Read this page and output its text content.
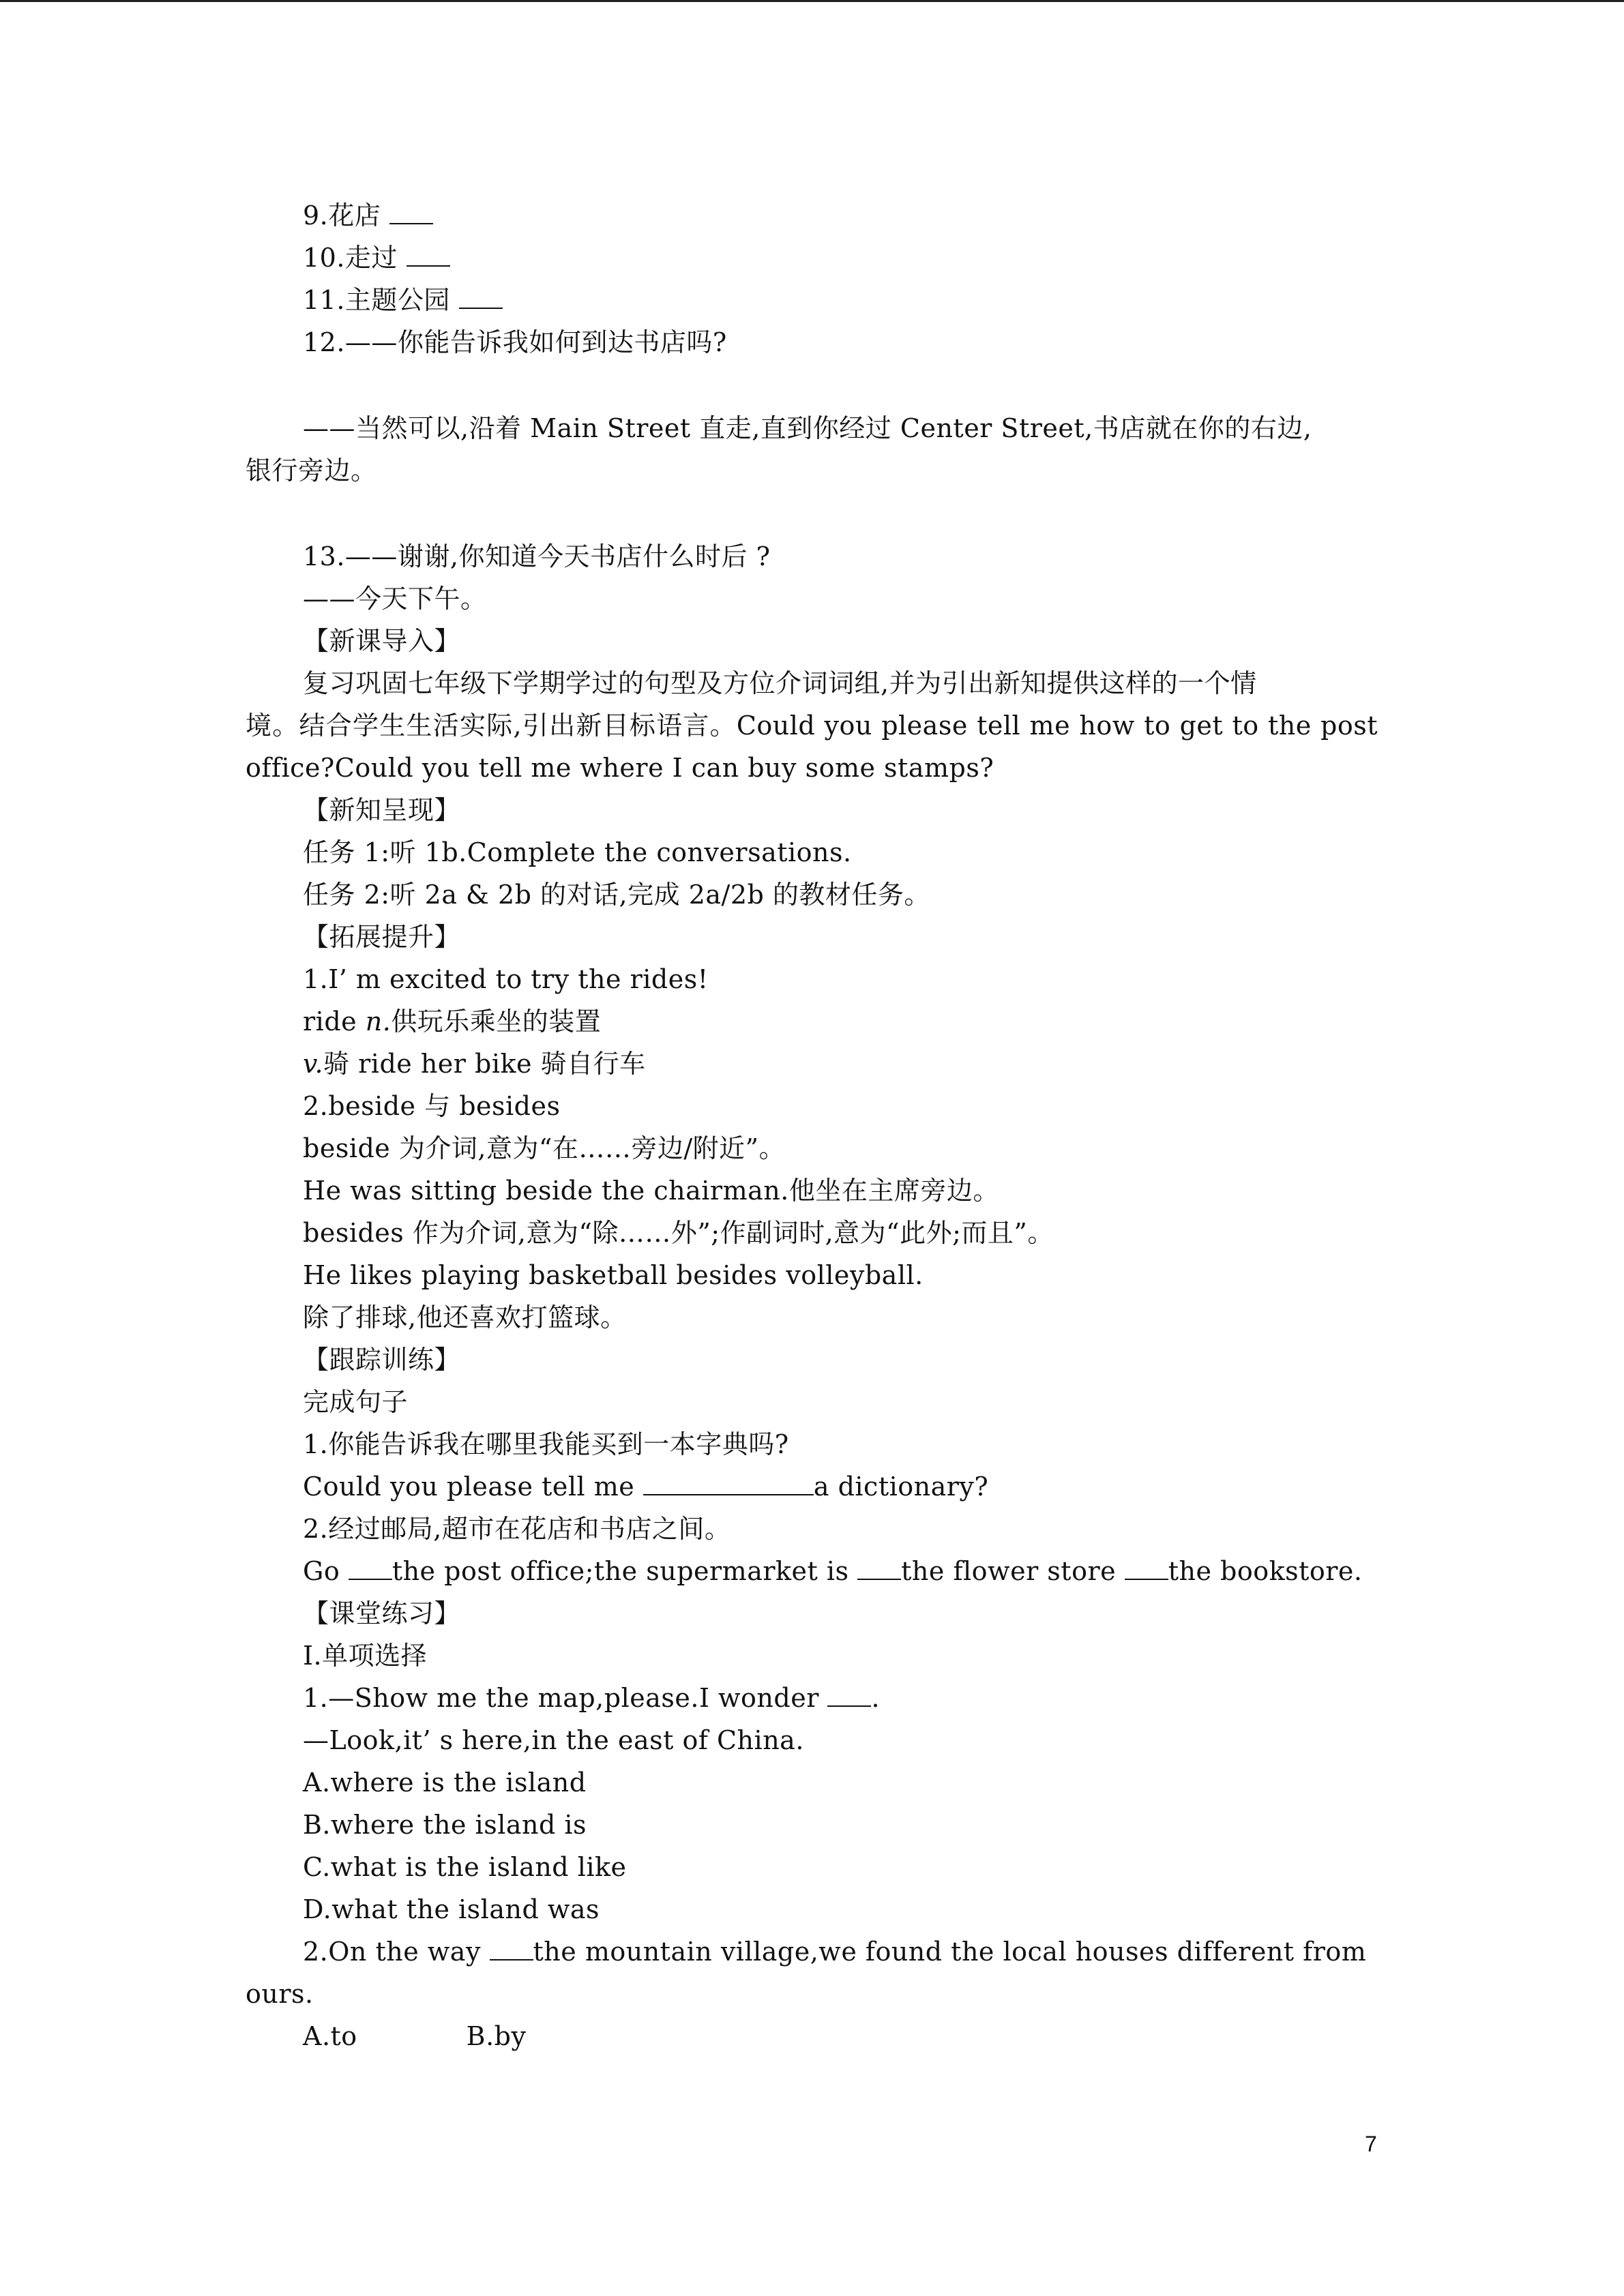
9.花店
10.走过
11.主题公园
12.——你能告诉我如何到达书店吗?
——当然可以,沿着 Main Street 直走,直到你经过 Center Street,书店就在你的右边,
银行旁边。
13.——谢谢,你知道今天书店什么时后 ?
——今天下午。
【新课导入】
复习巩固七年级下学期学过的句型及方位介词词组,并为引出新知提供这样的一个情
境。结合学生生活实际,引出新目标语言。Could you please tell me how to get to the post
office?Could you tell me where I can buy some stamps?
【新知呈现】
任务 1:听 1b.Complete the conversations.
任务 2:听 2a & 2b 的对话,完成 2a/2b 的教材任务。
【拓展提升】
1.I’ m excited to try the rides!
ride n.供玩乐乘坐的装置
v.骑 ride her bike 骑自行车
2.beside 与 besides
beside 为介词,意为“在……旁边/附近”。
He was sitting beside the chairman.他坐在主席旁边。
besides 作为介词,意为“除……外”;作副词时,意为“此外;而且”。
He likes playing basketball besides volleyball.
除了排球,他还喜欢打篮球。
【跟踪训练】
完成句子
1.你能告诉我在哪里我能买到一本字典吗?
Could you please tell me	a dictionary?
2.经过邮局,超市在花店和书店之间。
Go the post office;the supermarket is the flower store the bookstore.
【课堂练习】
Ⅰ.单项选择
1.—Show me the map,please.I wonder .
—Look,it’ s here,in the east of China.
A.where is the island
B.where the island is
C.what is the island like
D.what the island was
2.On the way the mountain village,we found the local houses different from
ours.
A.to	B.by
7
